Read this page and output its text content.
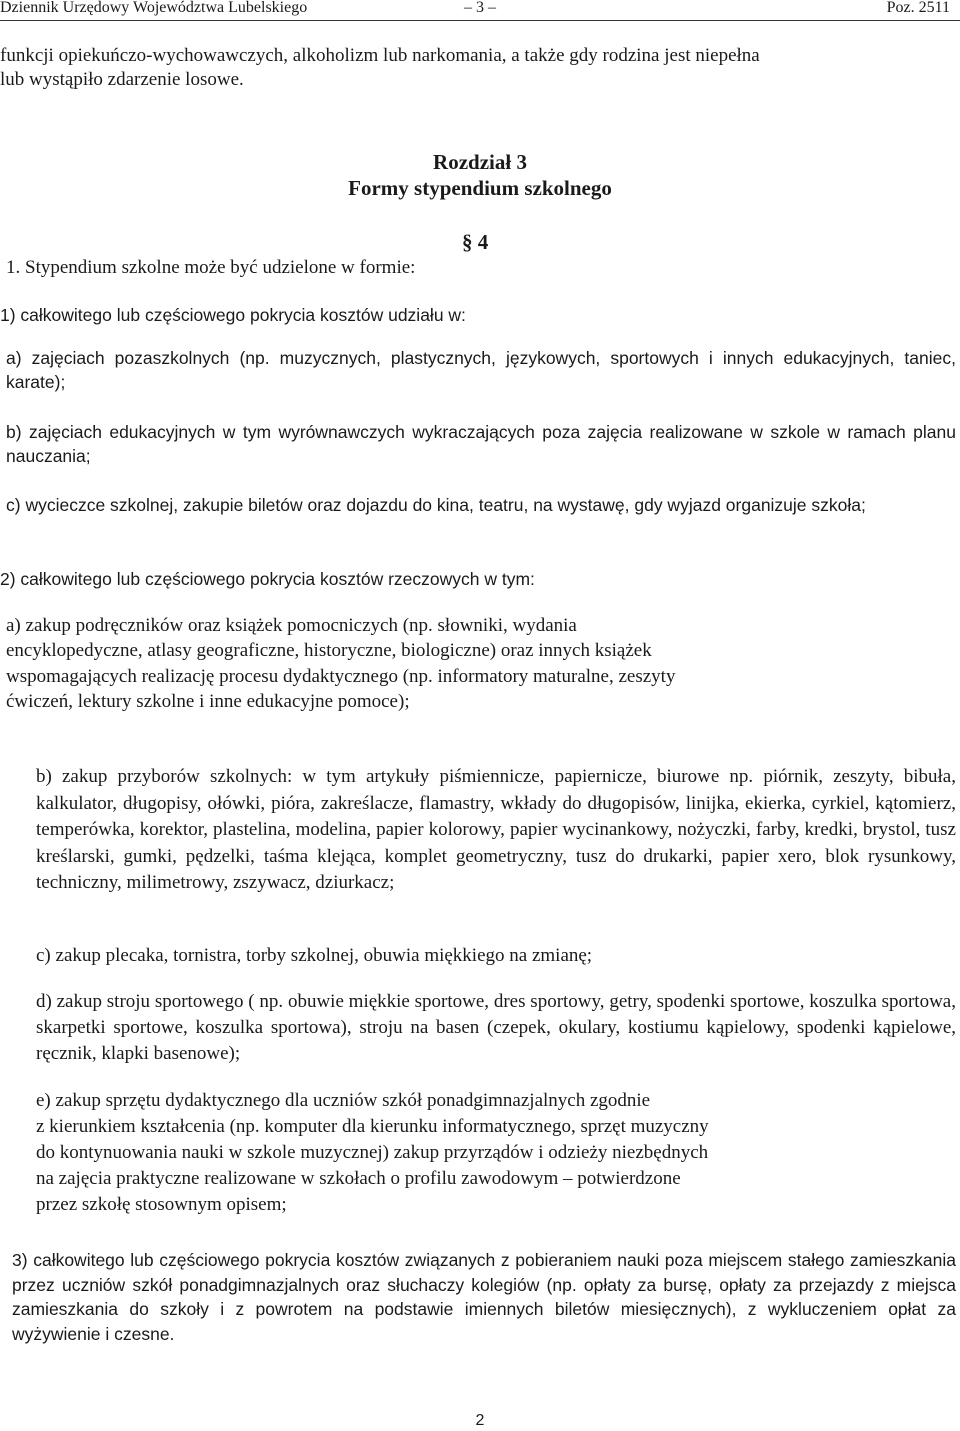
Dziennik Urzędowy Województwa Lubelskiego	– 3 –	Poz. 2511
funkcji opiekuńczo-wychowawczych, alkoholizm lub narkomania, a także gdy rodzina jest niepełna
lub wystąpiło zdarzenie losowe.
Rozdział 3
Formy stypendium szkolnego
§ 4
1. Stypendium szkolne może być udzielone w formie:
1) całkowitego lub częściowego pokrycia kosztów udziału w:
a) zajęciach pozaszkolnych (np. muzycznych, plastycznych, językowych, sportowych i innych edukacyjnych, taniec, karate);
b) zajęciach edukacyjnych w tym wyrównawczych wykraczających poza zajęcia realizowane w szkole w ramach planu nauczania;
c) wycieczce szkolnej, zakupie biletów oraz dojazdu do kina, teatru, na wystawę, gdy wyjazd organizuje szkoła;
2) całkowitego lub częściowego pokrycia kosztów rzeczowych w tym:
a) zakup podręczników oraz książek pomocniczych (np. słowniki, wydania
encyklopedyczne, atlasy geograficzne, historyczne, biologiczne) oraz innych książek
wspomagających realizację procesu dydaktycznego (np. informatory maturalne, zeszyty
ćwiczeń, lektury szkolne i inne edukacyjne pomoce);
b) zakup przyborów szkolnych: w tym artykuły piśmiennicze, papiernicze, biurowe np. piórnik, zeszyty, bibuła, kalkulator, długopisy, ołówki, pióra, zakreślacze, flamastry, wkłady do długopisów, linijka, ekierka, cyrkiel, kątomierz, temperówka, korektor, plastelina, modelina, papier kolorowy, papier wycinankowy, nożyczki, farby, kredki, brystol, tusz kreślarski, gumki, pędzelki, taśma klejąca, komplet geometryczny, tusz do drukarki, papier xero, blok rysunkowy, techniczny, milimetrowy, zszywacz, dziurkacz;
c) zakup plecaka, tornistra, torby szkolnej, obuwia miękkiego na zmianę;
d) zakup stroju sportowego ( np. obuwie miękkie sportowe, dres sportowy, getry, spodenki sportowe, koszulka sportowa, skarpetki sportowe, koszulka sportowa), stroju na basen (czepek, okulary, kostiumu kąpielowy, spodenki kąpielowe, ręcznik, klapki basenowe);
e) zakup sprzętu dydaktycznego dla uczniów szkół ponadgimnazjalnych zgodnie
z kierunkiem kształcenia (np. komputer dla kierunku informatycznego, sprzęt muzyczny
do kontynuowania nauki w szkole muzycznej) zakup przyrządów i odzieży niezbędnych
na zajęcia praktyczne realizowane w szkołach o profilu zawodowym – potwierdzone
przez szkołę stosownym opisem;
3) całkowitego lub częściowego pokrycia kosztów związanych z pobieraniem nauki poza miejscem stałego zamieszkania przez uczniów szkół ponadgimnazjalnych oraz słuchaczy kolegiów (np. opłaty za bursę, opłaty za przejazdy z miejsca zamieszkania do szkoły i z powrotem na podstawie imiennych biletów miesięcznych), z wykluczeniem opłat za wyżywienie i czesne.
2
